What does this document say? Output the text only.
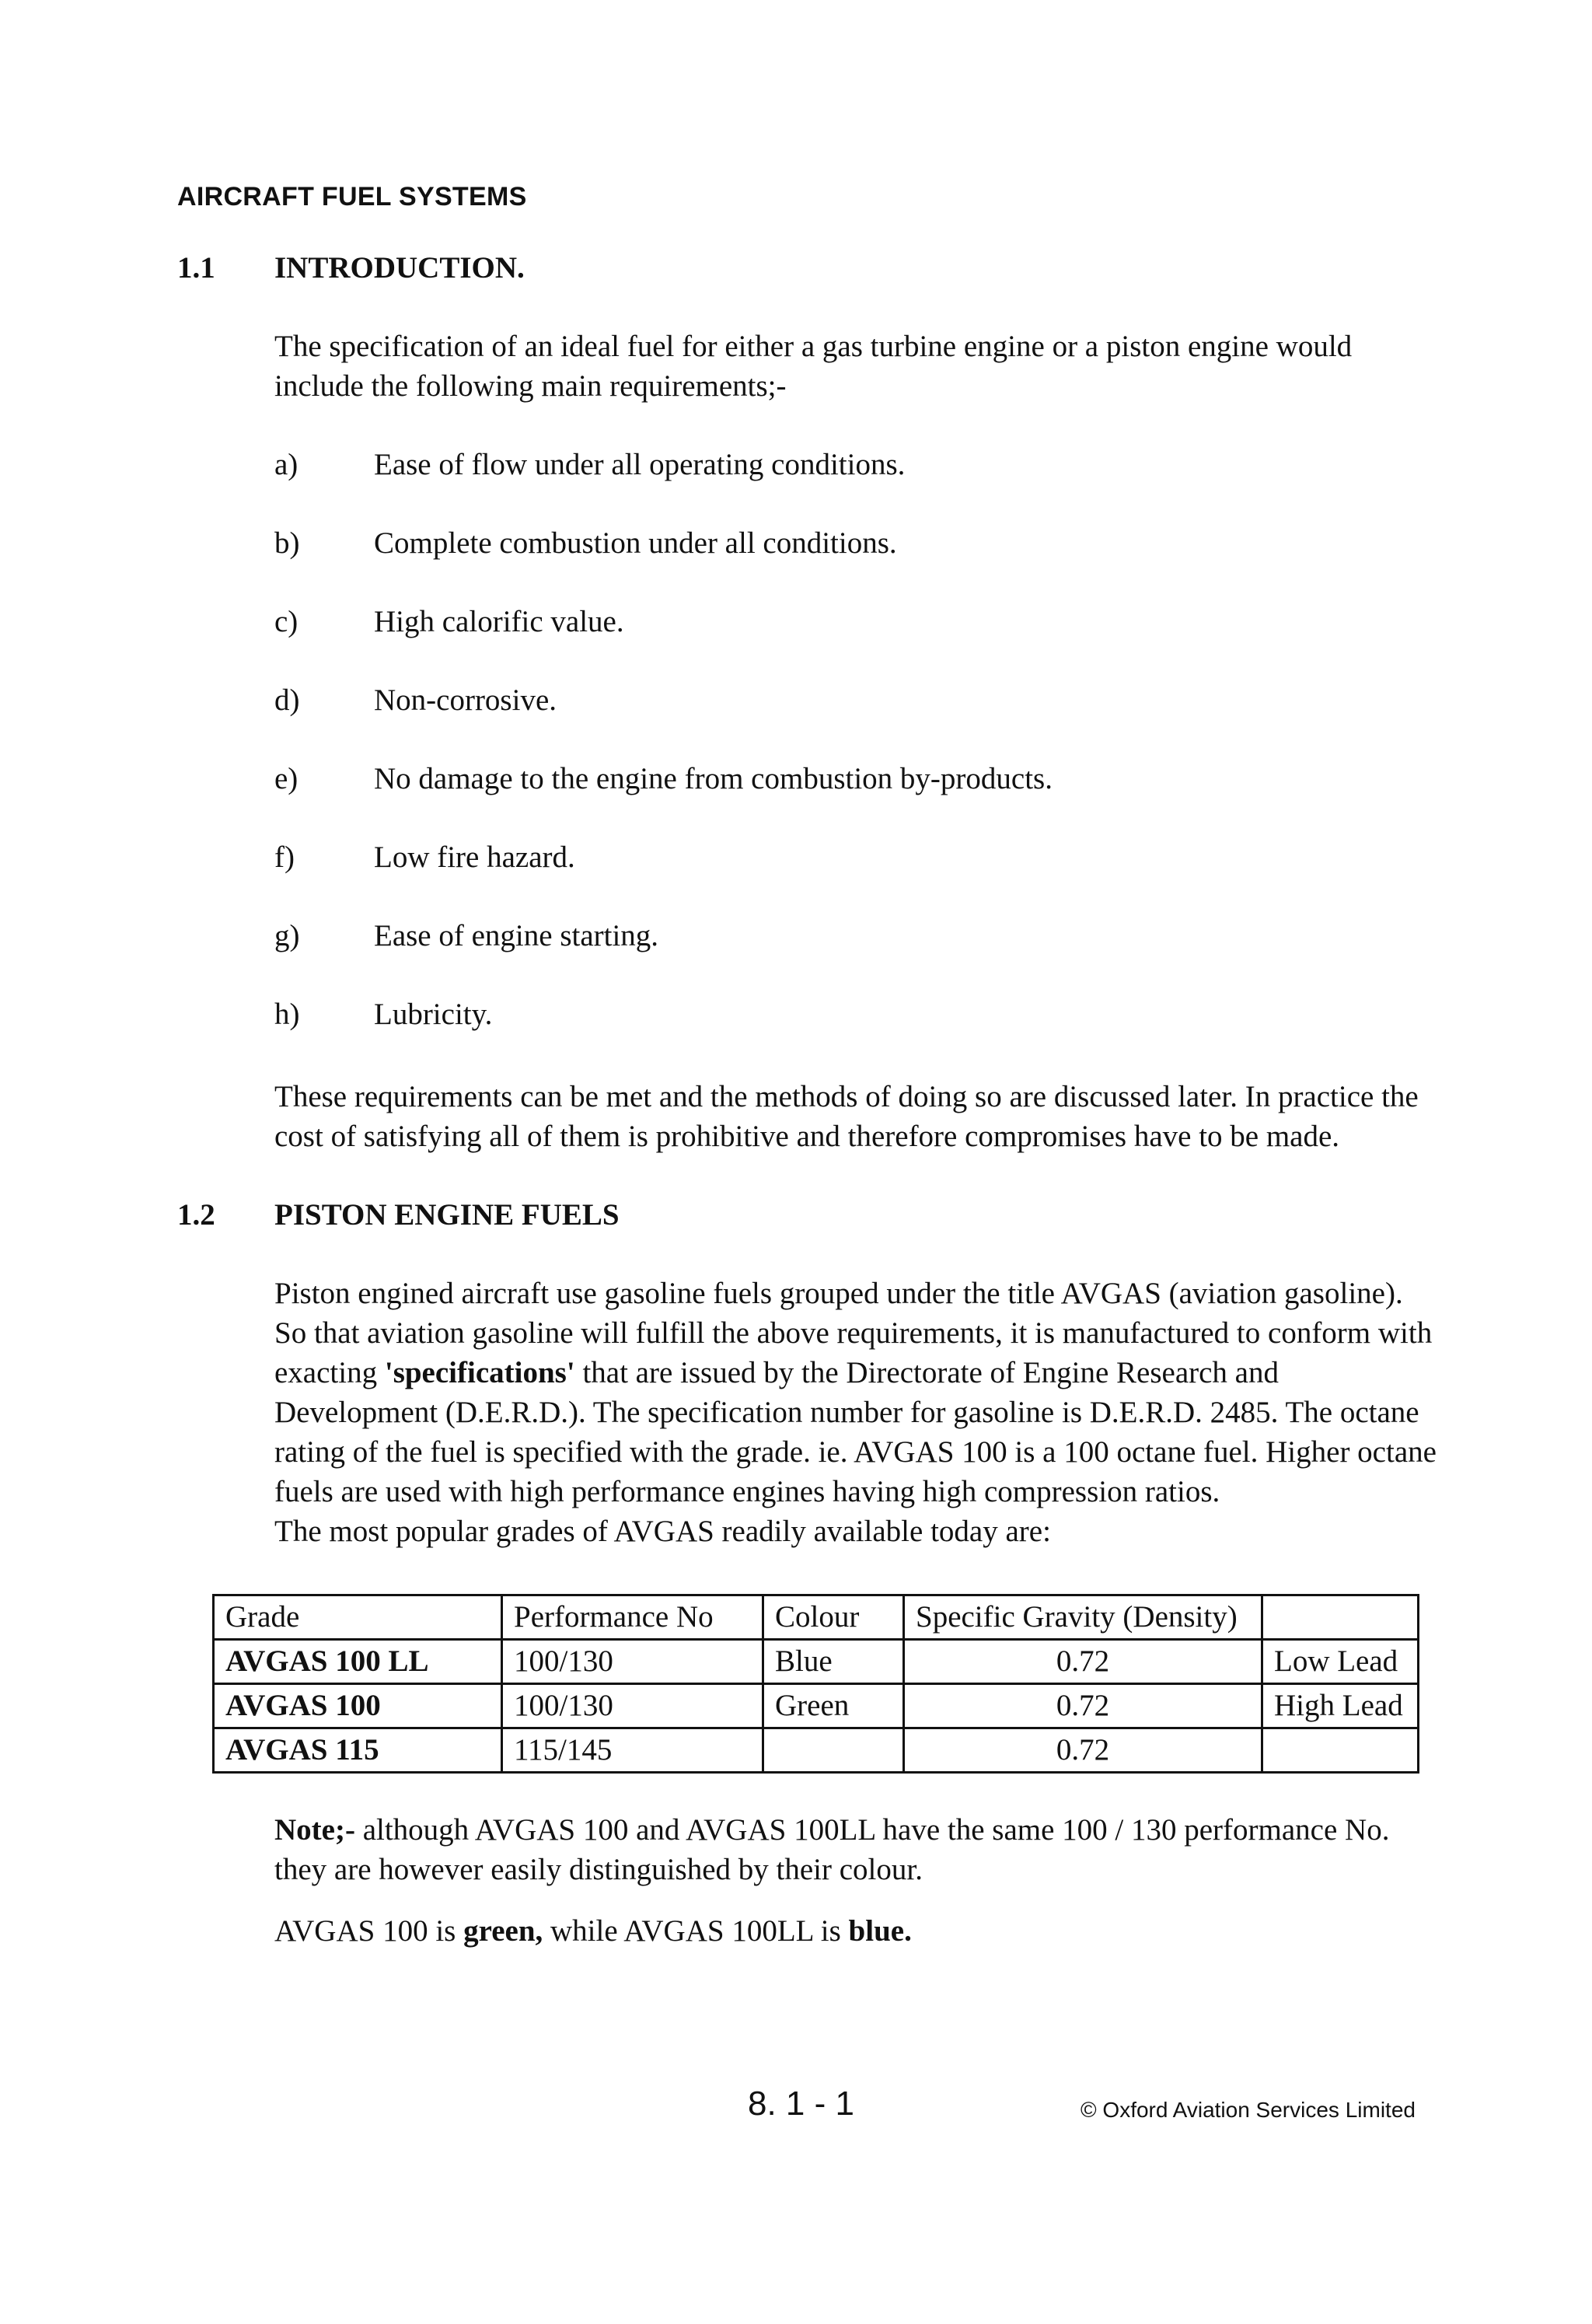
AIRCRAFT FUEL SYSTEMS
1.1 INTRODUCTION.
The specification of an ideal fuel for either a gas turbine engine or a piston engine would include the following main requirements;-
a)	Ease of flow under all operating conditions.
b) Complete combustion under all conditions.
c)	High calorific value.
d) Non-corrosive.
e)	No damage to the engine from combustion by-products.
f)	Low fire hazard.
g) Ease of engine starting.
h) Lubricity.
These requirements can be met and the methods of doing so are discussed later. In practice the cost of satisfying all of them is prohibitive and therefore compromises have to be made.
1.2 PISTON ENGINE FUELS
Piston engined aircraft use gasoline fuels grouped under the title AVGAS (aviation gasoline). So that aviation gasoline will fulfill the above requirements, it is manufactured to conform with exacting 'specifications' that are issued by the Directorate of Engine Research and Development (D.E.R.D.). The specification number for gasoline is D.E.R.D. 2485. The octane rating of the fuel is specified with the grade. ie. AVGAS 100 is a 100 octane fuel. Higher octane fuels are used with high performance engines having high compression ratios.
The most popular grades of AVGAS readily available today are:
Grade	Performance No	Colour	Specific Gravity (Density)	
AVGAS 100 LL	100/130	Blue	0.72	Low Lead
AVGAS 100	100/130	Green	0.72	High Lead
AVGAS 115	115/145		0.72	
Note;- although AVGAS 100 and AVGAS 100LL have the same 100 / 130 performance No. they are however easily distinguished by their colour.
AVGAS 100 is green, while AVGAS 100LL is blue.
8. 1 - 1	© Oxford Aviation Services Limited
